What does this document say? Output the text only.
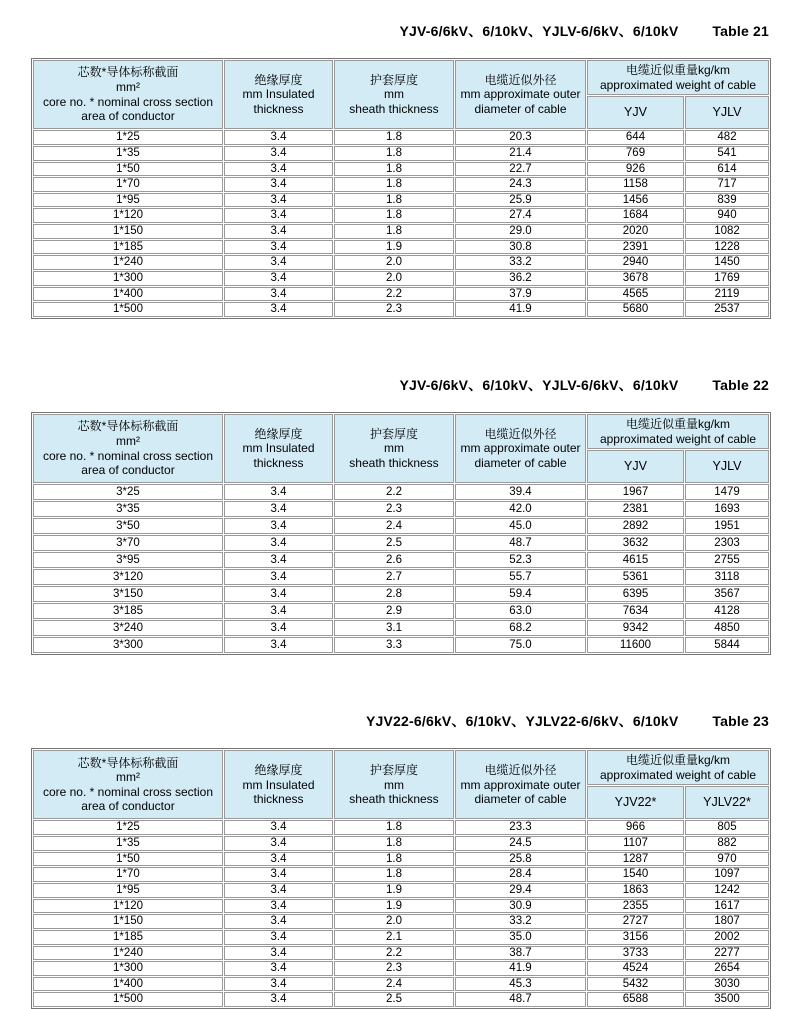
YJV-6/6kV、6/10kV、YJLV-6/6kV、6/10kV Table 21
芯数*导体标称截面
mm²
core no. * nominal cross section
area of conductor

绝缘厚度
mm Insulated
thickness

护套厚度
mm
sheath thickness

电缆近似外径
mm approximate outer
diameter of cable

电缆近似重量kg/km
approximated weight of cable

				YJV	YJLV
1*25	3.4	1.8	20.3	644	482
1*35	3.4	1.8	21.4	769	541
1*50	3.4	1.8	22.7	926	614
1*70	3.4	1.8	24.3	1158	717
1*95	3.4	1.8	25.9	1456	839
1*120	3.4	1.8	27.4	1684	940
1*150	3.4	1.8	29.0	2020	1082
1*185	3.4	1.9	30.8	2391	1228
1*240	3.4	2.0	33.2	2940	1450
1*300	3.4	2.0	36.2	3678	1769
1*400	3.4	2.2	37.9	4565	2119
1*500	3.4	2.3	41.9	5680	2537
YJV-6/6kV、6/10kV、YJLV-6/6kV、6/10kV Table 22
芯数*导体标称截面
mm²
core no. * nominal cross section
area of conductor

绝缘厚度
mm Insulated
thickness

护套厚度
mm
sheath thickness

电缆近似外径
mm approximate outer
diameter of cable

电缆近似重量kg/km
approximated weight of cable

				YJV	YJLV
3*25	3.4	2.2	39.4	1967	1479
3*35	3.4	2.3	42.0	2381	1693
3*50	3.4	2.4	45.0	2892	1951
3*70	3.4	2.5	48.7	3632	2303
3*95	3.4	2.6	52.3	4615	2755
3*120	3.4	2.7	55.7	5361	3118
3*150	3.4	2.8	59.4	6395	3567
3*185	3.4	2.9	63.0	7634	4128
3*240	3.4	3.1	68.2	9342	4850
3*300	3.4	3.3	75.0	11600	5844
YJV22-6/6kV、6/10kV、YJLV22-6/6kV、6/10kV Table 23
芯数*导体标称截面
mm²
core no. * nominal cross section
area of conductor

绝缘厚度
mm Insulated
thickness

护套厚度
mm
sheath thickness

电缆近似外径
mm approximate outer
diameter of cable

电缆近似重量kg/km
approximated weight of cable

				YJV22*	YJLV22*
1*25	3.4	1.8	23.3	966	805
1*35	3.4	1.8	24.5	1107	882
1*50	3.4	1.8	25.8	1287	970
1*70	3.4	1.8	28.4	1540	1097
1*95	3.4	1.9	29.4	1863	1242
1*120	3.4	1.9	30.9	2355	1617
1*150	3.4	2.0	33.2	2727	1807
1*185	3.4	2.1	35.0	3156	2002
1*240	3.4	2.2	38.7	3733	2277
1*300	3.4	2.3	41.9	4524	2654
1*400	3.4	2.4	45.3	5432	3030
1*500	3.4	2.5	48.7	6588	3500
